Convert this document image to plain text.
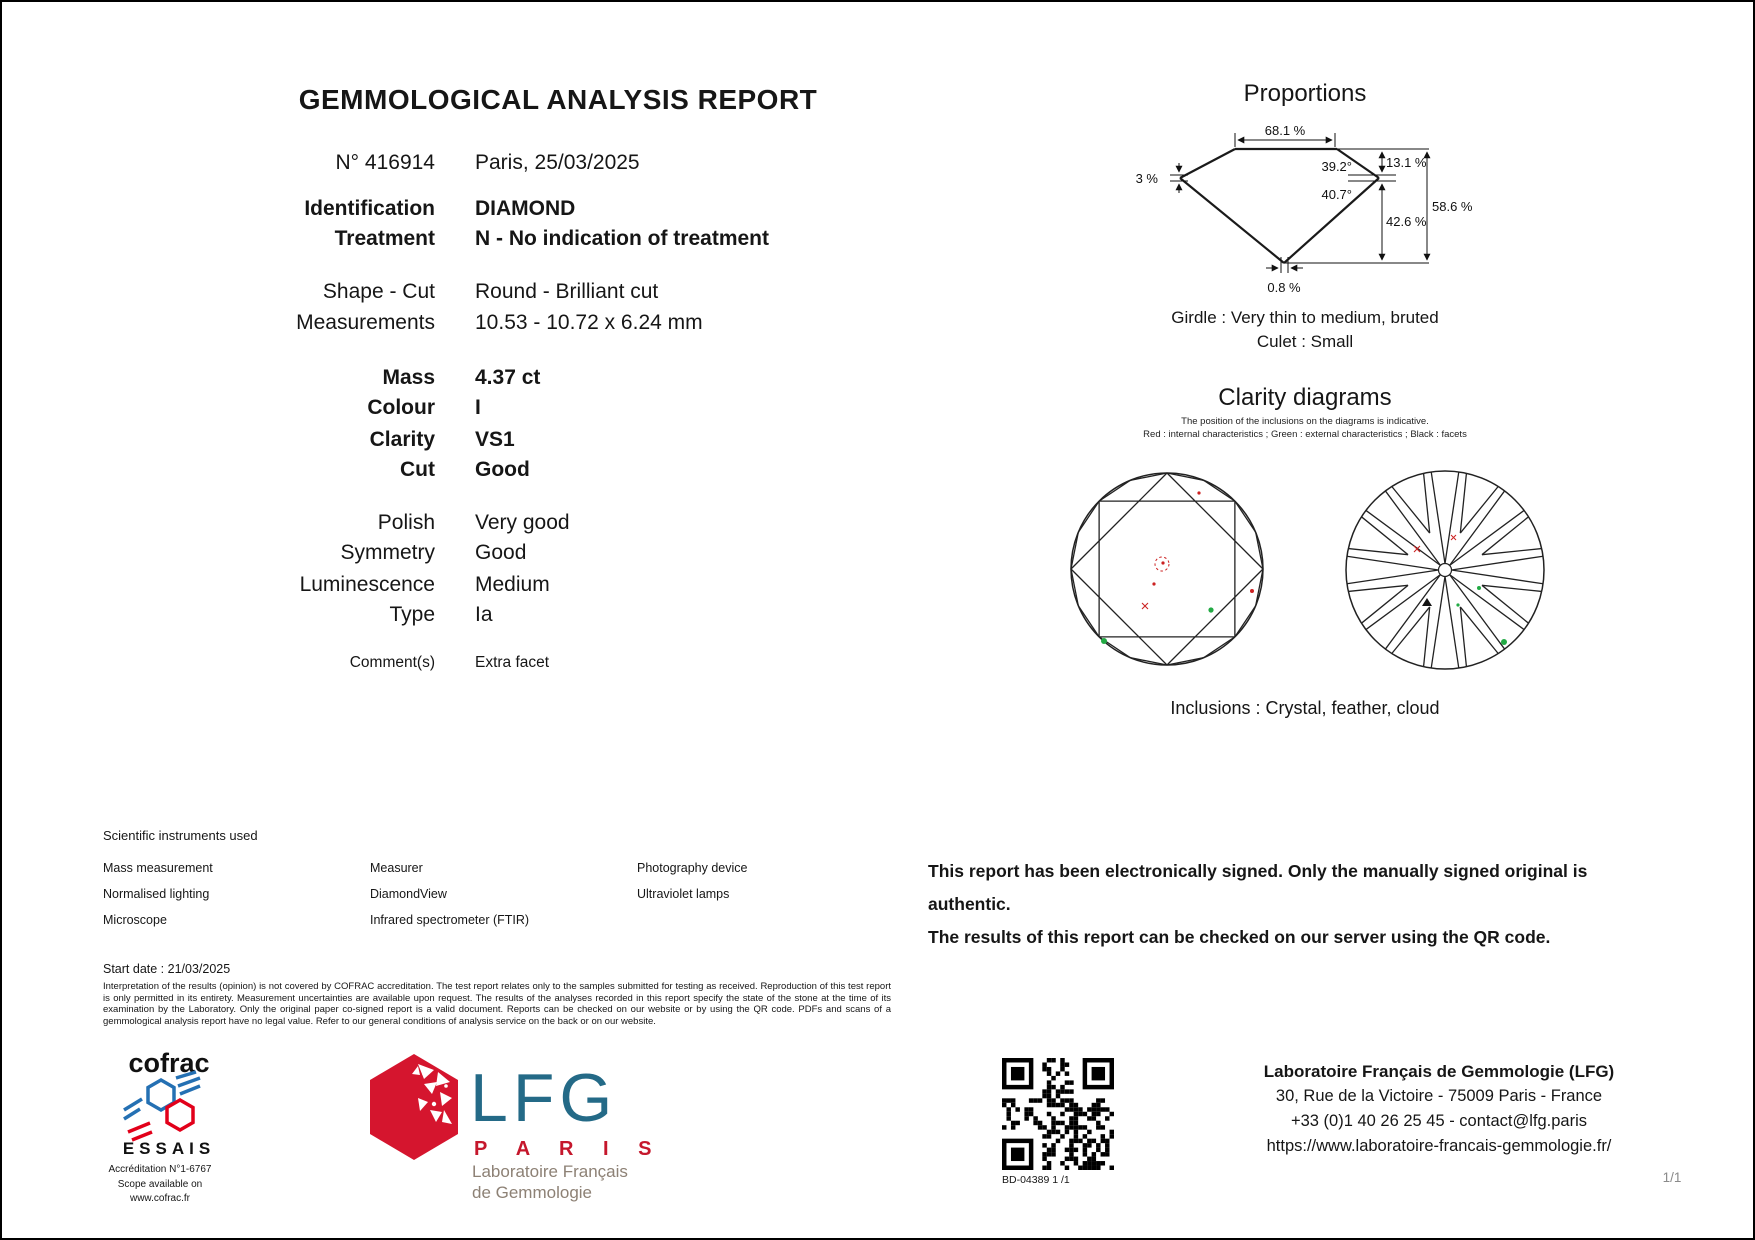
GEMMOLOGICAL ANALYSIS REPORT
N° 416914 Paris, 25/03/2025
Identification DIAMOND
Treatment N - No indication of treatment
Shape - Cut Round - Brilliant cut
Measurements 10.53 - 10.72 x 6.24 mm
Mass 4.37 ct
Colour I
Clarity VS1
Cut Good
Polish Very good
Symmetry Good
Luminescence Medium
Type Ia
Comment(s)	Extra facet
Proportions
68.1 %
3 %
39.2°
40.7°
13.1 %
42.6 %
58.6 %
0.8 %
Girdle : Very thin to medium, bruted
Culet : Small
Clarity diagrams
The position of the inclusions on the diagrams is indicative.
Red : internal characteristics ; Green : external characteristics ; Black : facets
Inclusions : Crystal, feather, cloud
Scientific instruments used
Mass measurement
Normalised lighting
Microscope
Measurer
DiamondView
Infrared spectrometer (FTIR)
Photography device
Ultraviolet lamps
This report has been electronically signed. Only the manually signed original is authentic.
The results of this report can be checked on our server using the QR code.
Start date : 21/03/2025
Interpretation of the results (opinion) is not covered by COFRAC accreditation. The test report relates only to the samples submitted for testing as received. Reproduction of this test report is only permitted in its entirety. Measurement uncertainties are available upon request. The results of the analyses recorded in this report specify the state of the stone at the time of its examination by the Laboratory. Only the original paper co-signed report is a valid document. Reports can be checked on our website or by using the QR code. PDFs and scans of a gemmological analysis report have no legal value. Refer to our general conditions of analysis service on the back or on our website.
cofrac
ESSAIS
Accréditation N°1-6767
Scope available on
www.cofrac.fr
LFG
P A R I S
Laboratoire Français
de Gemmologie
BD-04389 1 /1
Laboratoire Français de Gemmologie (LFG)
30, Rue de la Victoire - 75009 Paris - France
+33 (0)1 40 26 25 45 - contact@lfg.paris
https://www.laboratoire-francais-gemmologie.fr/
1/1
